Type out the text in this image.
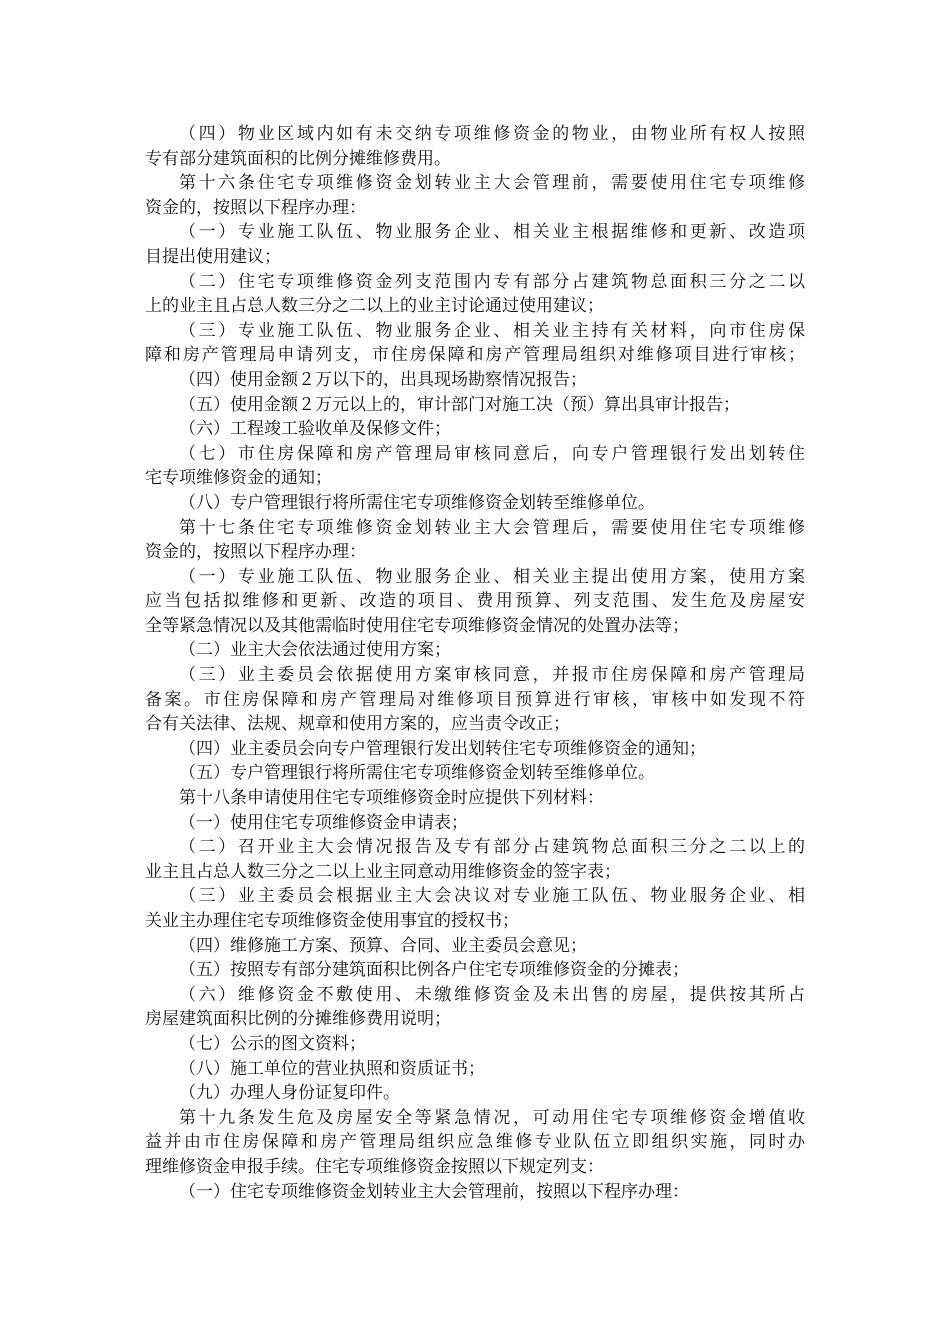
（四）物业区域内如有未交纳专项维修资金的物业，由物业所有权人按照
专有部分建筑面积的比例分摊维修费用。
第十六条住宅专项维修资金划转业主大会管理前，需要使用住宅专项维修
资金的，按照以下程序办理：
（一）专业施工队伍、物业服务企业、相关业主根据维修和更新、改造项
目提出使用建议；
（二）住宅专项维修资金列支范围内专有部分占建筑物总面积三分之二以
上的业主且占总人数三分之二以上的业主讨论通过使用建议；
（三）专业施工队伍、物业服务企业、相关业主持有关材料，向市住房保
障和房产管理局申请列支，市住房保障和房产管理局组织对维修项目进行审核；
（四）使用金额２万以下的，出具现场勘察情况报告；
（五）使用金额２万元以上的，审计部门对施工决（预）算出具审计报告；
（六）工程竣工验收单及保修文件；
（七）市住房保障和房产管理局审核同意后，向专户管理银行发出划转住
宅专项维修资金的通知；
（八）专户管理银行将所需住宅专项维修资金划转至维修单位。
第十七条住宅专项维修资金划转业主大会管理后，需要使用住宅专项维修
资金的，按照以下程序办理：
（一）专业施工队伍、物业服务企业、相关业主提出使用方案，使用方案
应当包括拟维修和更新、改造的项目、费用预算、列支范围、发生危及房屋安
全等紧急情况以及其他需临时使用住宅专项维修资金情况的处置办法等；
（二）业主大会依法通过使用方案；
（三）业主委员会依据使用方案审核同意，并报市住房保障和房产管理局
备案。市住房保障和房产管理局对维修项目预算进行审核，审核中如发现不符
合有关法律、法规、规章和使用方案的，应当责令改正；
（四）业主委员会向专户管理银行发出划转住宅专项维修资金的通知；
（五）专户管理银行将所需住宅专项维修资金划转至维修单位。
第十八条申请使用住宅专项维修资金时应提供下列材料：
（一）使用住宅专项维修资金申请表；
（二）召开业主大会情况报告及专有部分占建筑物总面积三分之二以上的
业主且占总人数三分之二以上业主同意动用维修资金的签字表；
（三）业主委员会根据业主大会决议对专业施工队伍、物业服务企业、相
关业主办理住宅专项维修资金使用事宜的授权书；
（四）维修施工方案、预算、合同、业主委员会意见；
（五）按照专有部分建筑面积比例各户住宅专项维修资金的分摊表；
（六）维修资金不敷使用、未缴维修资金及未出售的房屋，提供按其所占
房屋建筑面积比例的分摊维修费用说明；
（七）公示的图文资料；
（八）施工单位的营业执照和资质证书；
（九）办理人身份证复印件。
第十九条发生危及房屋安全等紧急情况，可动用住宅专项维修资金增值收
益并由市住房保障和房产管理局组织应急维修专业队伍立即组织实施，同时办
理维修资金申报手续。住宅专项维修资金按照以下规定列支：
（一）住宅专项维修资金划转业主大会管理前，按照以下程序办理：
